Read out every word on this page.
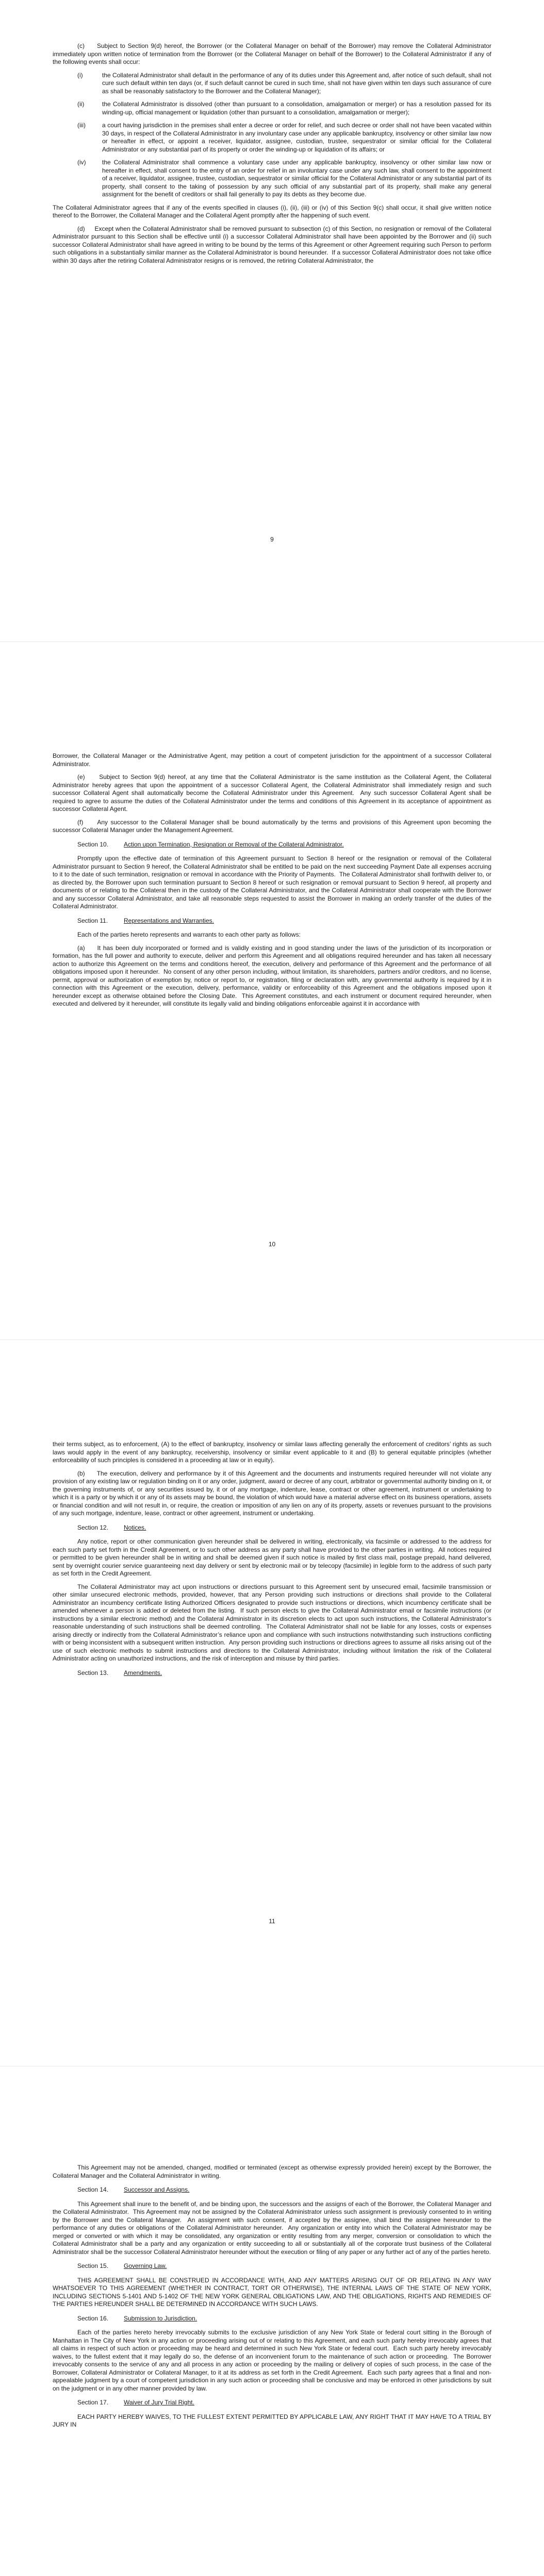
(c)     Subject to Section 9(d) hereof, the Borrower (or the Collateral Manager on behalf of the Borrower) may remove the Collateral Administrator immediately upon written notice of termination from the Borrower (or the Collateral Manager on behalf of the Borrower) to the Collateral Administrator if any of the following events shall occur:

(i)	the Collateral Administrator shall default in the performance of any of its duties under this Agreement and, after notice of such default, shall not cure such default within ten days (or, if such default cannot be cured in such time, shall not have given within ten days such assurance of cure as shall be reasonably satisfactory to the Borrower and the Collateral Manager);
(ii)	the Collateral Administrator is dissolved (other than pursuant to a consolidation, amalgamation or merger) or has a resolution passed for its winding-up, official management or liquidation (other than pursuant to a consolidation, amalgamation or merger);
(iii)	a court having jurisdiction in the premises shall enter a decree or order for relief, and such decree or order shall not have been vacated within 30 days, in respect of the Collateral Administrator in any involuntary case under any applicable bankruptcy, insolvency or other similar law now or hereafter in effect, or appoint a receiver, liquidator, assignee, custodian, trustee, sequestrator or similar official for the Collateral Administrator or any substantial part of its property or order the winding-up or liquidation of its affairs; or
(iv)	the Collateral Administrator shall commence a voluntary case under any applicable bankruptcy, insolvency or other similar law now or hereafter in effect, shall consent to the entry of an order for relief in an involuntary case under any such law, shall consent to the appointment of a receiver, liquidator, assignee, trustee, custodian, sequestrator or similar official for the Collateral Administrator or any substantial part of its property, shall consent to the taking of possession by any such official of any substantial part of its property, shall make any general assignment for the benefit of creditors or shall fail generally to pay its debts as they become due.

The Collateral Administrator agrees that if any of the events specified in clauses (i), (ii), (iii) or (iv) of this Section 9(c) shall occur, it shall give written notice thereof to the Borrower, the Collateral Manager and the Collateral Agent promptly after the happening of such event.

(d)     Except when the Collateral Administrator shall be removed pursuant to subsection (c) of this Section, no resignation or removal of the Collateral Administrator pursuant to this Section shall be effective until (i) a successor Collateral Administrator shall have been appointed by the Borrower and (ii) such successor Collateral Administrator shall have agreed in writing to be bound by the terms of this Agreement or other Agreement requiring such Person to perform such obligations in a substantially similar manner as the Collateral Administrator is bound hereunder.  If a successor Collateral Administrator does not take office within 30 days after the retiring Collateral Administrator resigns or is removed, the retiring Collateral Administrator, the

9

Borrower, the Collateral Manager or the Administrative Agent, may petition a court of competent jurisdiction for the appointment of a successor Collateral Administrator.

(e)     Subject to Section 9(d) hereof, at any time that the Collateral Administrator is the same institution as the Collateral Agent, the Collateral Administrator hereby agrees that upon the appointment of a successor Collateral Agent, the Collateral Administrator shall immediately resign and such successor Collateral Agent shall automatically become the Collateral Administrator under this Agreement.  Any such successor Collateral Agent shall be required to agree to assume the duties of the Collateral Administrator under the terms and conditions of this Agreement in its acceptance of appointment as successor Collateral Agent.

(f)     Any successor to the Collateral Manager shall be bound automatically by the terms and provisions of this Agreement upon becoming the successor Collateral Manager under the Management Agreement.

Section 10. Action upon Termination, Resignation or Removal of the Collateral Administrator.

Promptly upon the effective date of termination of this Agreement pursuant to Section 8 hereof or the resignation or removal of the Collateral Administrator pursuant to Section 9 hereof, the Collateral Administrator shall be entitled to be paid on the next succeeding Payment Date all expenses accruing to it to the date of such termination, resignation or removal in accordance with the Priority of Payments.  The Collateral Administrator shall forthwith deliver to, or as directed by, the Borrower upon such termination pursuant to Section 8 hereof or such resignation or removal pursuant to Section 9 hereof, all property and documents of or relating to the Collateral then in the custody of the Collateral Administrator, and the Collateral Administrator shall cooperate with the Borrower and any successor Collateral Administrator, and take all reasonable steps requested to assist the Borrower in making an orderly transfer of the duties of the Collateral Administrator.

Section 11.	Representations and Warranties.

Each of the parties hereto represents and warrants to each other party as follows:

(a)     It has been duly incorporated or formed and is validly existing and in good standing under the laws of the jurisdiction of its incorporation or formation, has the full power and authority to execute, deliver and perform this Agreement and all obligations required hereunder and has taken all necessary action to authorize this Agreement on the terms and conditions hereof, the execution, delivery and performance of this Agreement and the performance of all obligations imposed upon it hereunder.  No consent of any other person including, without limitation, its shareholders, partners and/or creditors, and no license, permit, approval or authorization of exemption by, notice or report to, or registration, filing or declaration with, any governmental authority is required by it in connection with this Agreement or the execution, delivery, performance, validity or enforceability of this Agreement and the obligations imposed upon it hereunder except as otherwise obtained before the Closing Date.  This Agreement constitutes, and each instrument or document required hereunder, when executed and delivered by it hereunder, will constitute its legally valid and binding obligations enforceable against it in accordance with

10

their terms subject, as to enforcement, (A) to the effect of bankruptcy, insolvency or similar laws affecting generally the enforcement of creditors’ rights as such laws would apply in the event of any bankruptcy, receivership, insolvency or similar event applicable to it and (B) to general equitable principles (whether enforceability of such principles is considered in a proceeding at law or in equity).

(b)     The execution, delivery and performance by it of this Agreement and the documents and instruments required hereunder will not violate any provision of any existing law or regulation binding on it or any order, judgment, award or decree of any court, arbitrator or governmental authority binding on it, or the governing instruments of, or any securities issued by, it or of any mortgage, indenture, lease, contract or other agreement, instrument or undertaking to which it is a party or by which it or any of its assets may be bound, the violation of which would have a material adverse effect on its business operations, assets or financial condition and will not result in, or require, the creation or imposition of any lien on any of its property, assets or revenues pursuant to the provisions of any such mortgage, indenture, lease, contract or other agreement, instrument or undertaking.

Section 12. Notices.

Any notice, report or other communication given hereunder shall be delivered in writing, electronically, via facsimile or addressed to the address for each such party set forth in the Credit Agreement, or to such other address as any party shall have provided to the other parties in writing.  All notices required or permitted to be given hereunder shall be in writing and shall be deemed given if such notice is mailed by first class mail, postage prepaid, hand delivered, sent by overnight courier service guaranteeing next day delivery or sent by electronic mail or by telecopy (facsimile) in legible form to the address of such party as set forth in the Credit Agreement.

The Collateral Administrator may act upon instructions or directions pursuant to this Agreement sent by unsecured email, facsimile transmission or other similar unsecured electronic methods, provided, however, that any Person providing such instructions or directions shall provide to the Collateral Administrator an incumbency certificate listing Authorized Officers designated to provide such instructions or directions, which incumbency certificate shall be amended whenever a person is added or deleted from the listing.  If such person elects to give the Collateral Administrator email or facsimile instructions (or instructions by a similar electronic method) and the Collateral Administrator in its discretion elects to act upon such instructions, the Collateral Administrator’s reasonable understanding of such instructions shall be deemed controlling.  The Collateral Administrator shall not be liable for any losses, costs or expenses arising directly or indirectly from the Collateral Administrator’s reliance upon and compliance with such instructions notwithstanding such instructions conflicting with or being inconsistent with a subsequent written instruction.  Any person providing such instructions or directions agrees to assume all risks arising out of the use of such electronic methods to submit instructions and directions to the Collateral Administrator, including without limitation the risk of the Collateral Administrator acting on unauthorized instructions, and the risk of interception and misuse by third parties.

Section 13. Amendments.
11

This Agreement may not be amended, changed, modified or terminated (except as otherwise expressly provided herein) except by the Borrower, the Collateral Manager and the Collateral Administrator in writing.

Section 14. Successor and Assigns.

This Agreement shall inure to the benefit of, and be binding upon, the successors and the assigns of each of the Borrower, the Collateral Manager and the Collateral Administrator.  This Agreement may not be assigned by the Collateral Administrator unless such assignment is previously consented to in writing by the Borrower and the Collateral Manager.  An assignment with such consent, if accepted by the assignee, shall bind the assignee hereunder to the performance of any duties or obligations of the Collateral Administrator hereunder.  Any organization or entity into which the Collateral Administrator may be merged or converted or with which it may be consolidated, any organization or entity resulting from any merger, conversion or consolidation to which the Collateral Administrator shall be a party and any organization or entity succeeding to all or substantially all of the corporate trust business of the Collateral Administrator shall be the successor Collateral Administrator hereunder without the execution or filing of any paper or any further act of any of the parties hereto.

Section 15. Governing Law.

THIS AGREEMENT SHALL BE CONSTRUED IN ACCORDANCE WITH, AND ANY MATTERS ARISING OUT OF OR RELATING IN ANY WAY WHATSOEVER TO THIS AGREEMENT (WHETHER IN CONTRACT, TORT OR OTHERWISE), THE INTERNAL LAWS OF THE STATE OF NEW YORK, INCLUDING SECTIONS 5-1401 AND 5-1402 OF THE NEW YORK GENERAL OBLIGATIONS LAW, AND THE OBLIGATIONS, RIGHTS AND REMEDIES OF THE PARTIES HEREUNDER SHALL BE DETERMINED IN ACCORDANCE WITH SUCH LAWS.

Section 16. Submission to Jurisdiction.

Each of the parties hereto hereby irrevocably submits to the exclusive jurisdiction of any New York State or federal court sitting in the Borough of Manhattan in The City of New York in any action or proceeding arising out of or relating to this Agreement, and each such party hereby irrevocably agrees that all claims in respect of such action or proceeding may be heard and determined in such New York State or federal court.  Each such party hereby irrevocably waives, to the fullest extent that it may legally do so, the defense of an inconvenient forum to the maintenance of such action or proceeding.  The Borrower irrevocably consents to the service of any and all process in any action or proceeding by the mailing or delivery of copies of such process, in the case of the Borrower, Collateral Administrator or Collateral Manager, to it at its address as set forth in the Credit Agreement.  Each such party agrees that a final and non-appealable judgment by a court of competent jurisdiction in any such action or proceeding shall be conclusive and may be enforced in other jurisdictions by suit on the judgment or in any other manner provided by law.

Section 17. Waiver of Jury Trial Right.

EACH PARTY HEREBY WAIVES, TO THE FULLEST EXTENT PERMITTED BY APPLICABLE LAW, ANY RIGHT THAT IT MAY HAVE TO A TRIAL BY JURY IN
